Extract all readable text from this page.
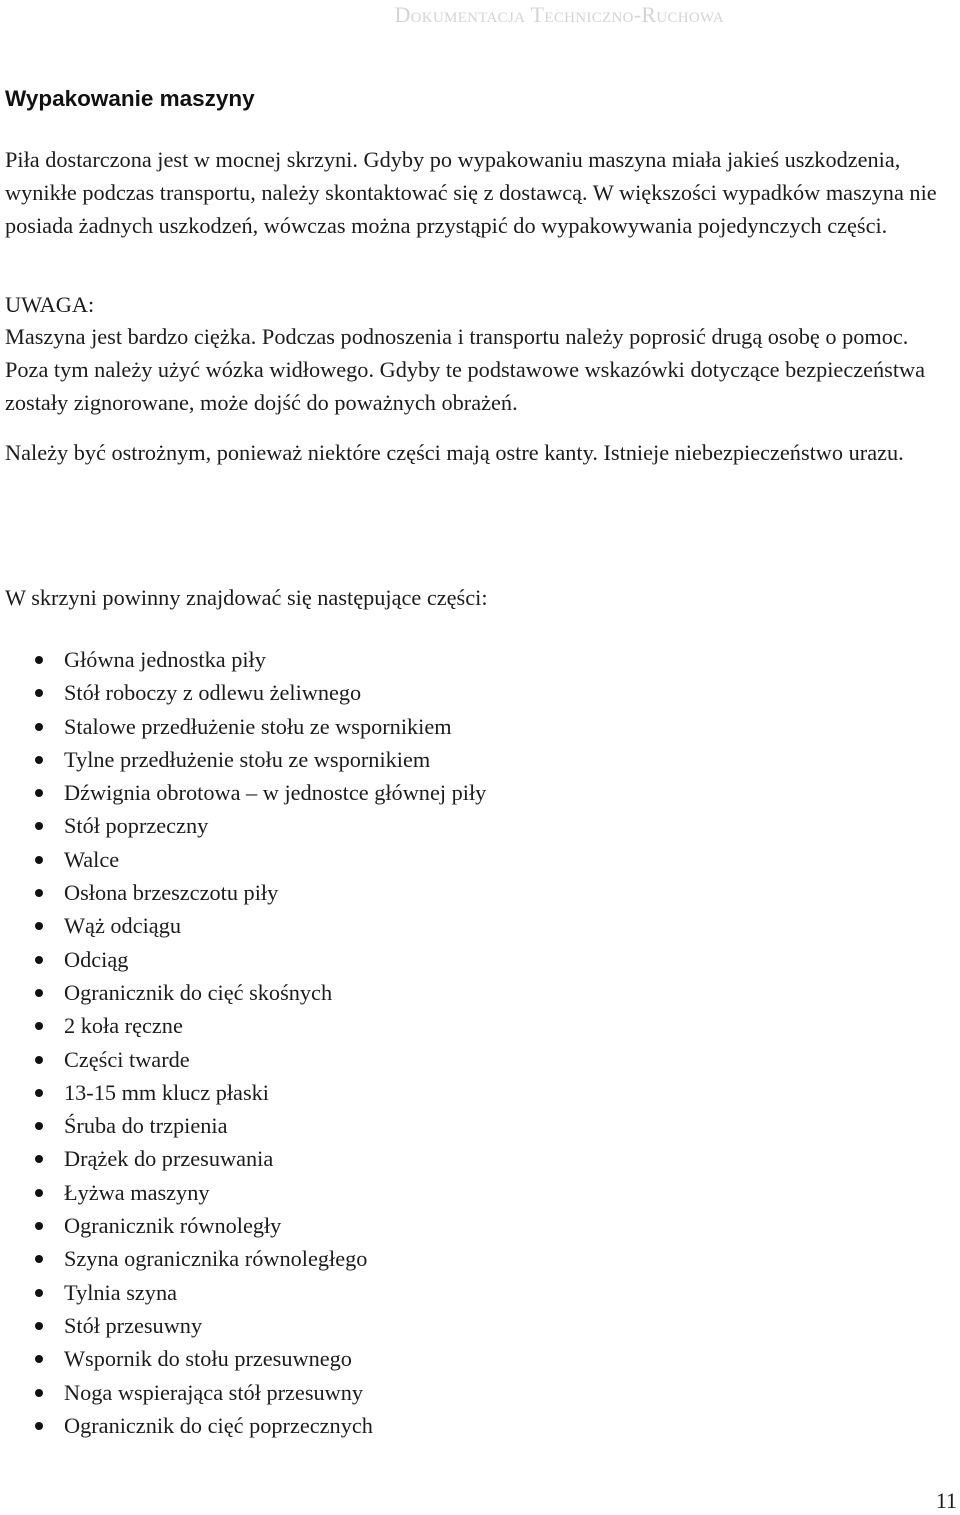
Dokumentacja Techniczno-Ruchowa
Wypakowanie maszyny

Piła dostarczona jest w mocnej skrzyni. Gdyby po wypakowaniu maszyna miała jakieś uszkodzenia, wynikłe podczas transportu, należy skontaktować się z dostawcą. W większości wypadków maszyna nie posiada żadnych uszkodzeń, wówczas można przystąpić do wypakowywania pojedynczych części.

UWAGA:

Maszyna jest bardzo ciężka. Podczas podnoszenia i transportu należy poprosić drugą osobę o pomoc. Poza tym należy użyć wózka widłowego. Gdyby te podstawowe wskazówki dotyczące bezpieczeństwa zostały zignorowane, może dojść do poważnych obrażeń.

Należy być ostrożnym, ponieważ niektóre części mają ostre kanty. Istnieje niebezpieczeństwo urazu.

W skrzyni powinny znajdować się następujące części:

Główna jednostka piły
Stół roboczy z odlewu żeliwnego
Stalowe przedłużenie stołu ze wspornikiem
Tylne przedłużenie stołu ze wspornikiem
Dźwignia obrotowa – w jednostce głównej piły
Stół poprzeczny
Walce
Osłona brzeszczotu piły
Wąż odciągu
Odciąg
Ogranicznik do cięć skośnych
2 koła ręczne
Części twarde
13-15 mm klucz płaski
Śruba do trzpienia
Drążek do przesuwania
Łyżwa maszyny
Ogranicznik równoległy
Szyna ogranicznika równoległego
Tylnia szyna
Stół przesuwny
Wspornik do stołu przesuwnego
Noga wspierająca stół przesuwny
Ogranicznik do cięć poprzecznych
11
